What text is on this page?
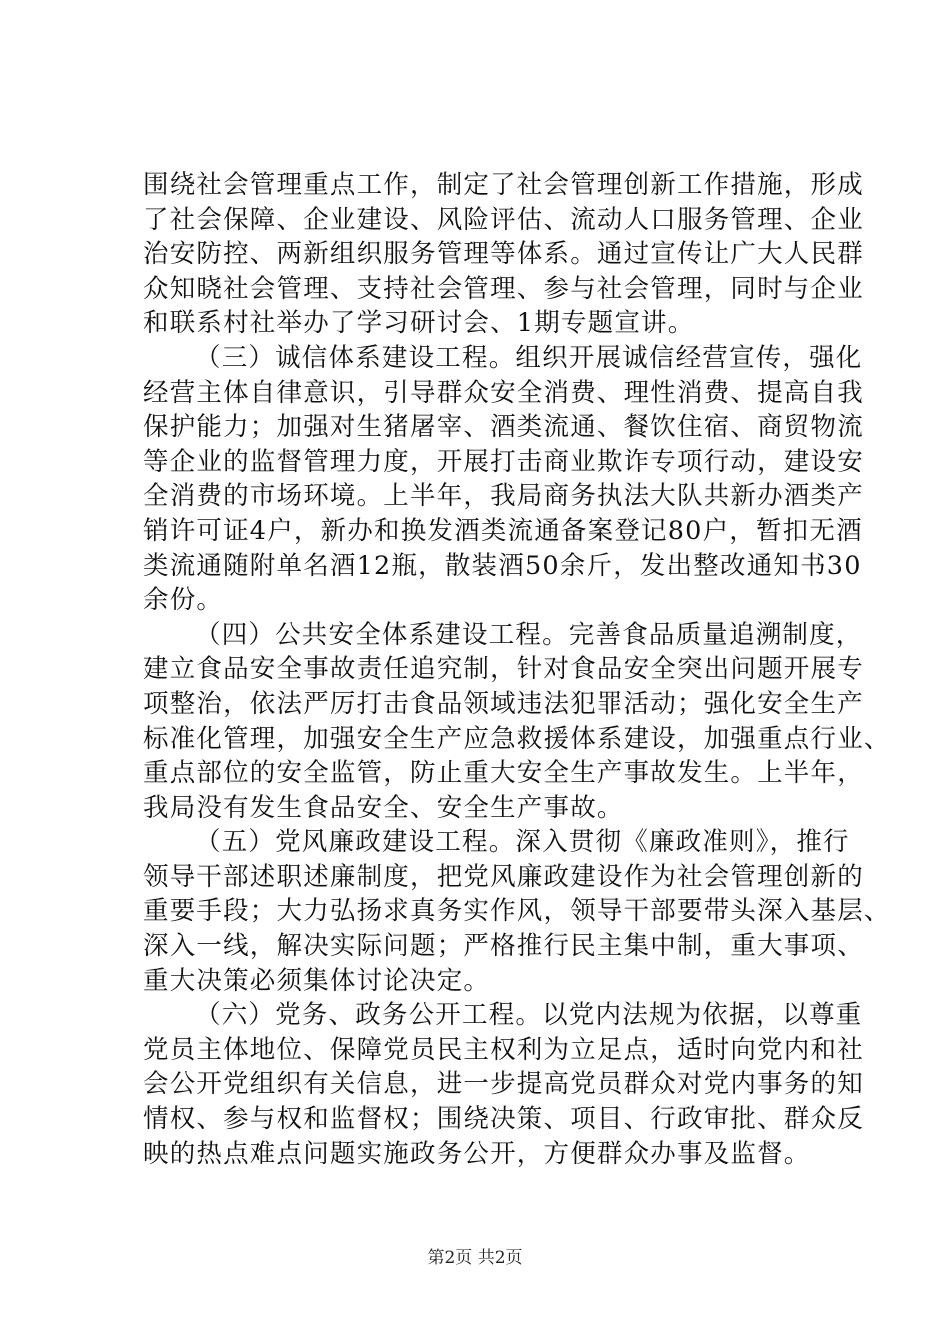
围绕社会管理重点工作，制定了社会管理创新工作措施，形成
了社会保障、企业建设、风险评估、流动人口服务管理、企业
治安防控、两新组织服务管理等体系。通过宣传让广大人民群
众知晓社会管理、支持社会管理、参与社会管理，同时与企业
和联系村社举办了学习研讨会、1期专题宣讲。
（三）诚信体系建设工程。组织开展诚信经营宣传，强化
经营主体自律意识，引导群众安全消费、理性消费、提高自我
保护能力；加强对生猪屠宰、酒类流通、餐饮住宿、商贸物流
等企业的监督管理力度，开展打击商业欺诈专项行动，建设安
全消费的市场环境。上半年，我局商务执法大队共新办酒类产
销许可证4户，新办和换发酒类流通备案登记80户，暂扣无酒
类流通随附单名酒12瓶，散装酒50余斤，发出整改通知书30
余份。
（四）公共安全体系建设工程。完善食品质量追溯制度，
建立食品安全事故责任追究制，针对食品安全突出问题开展专
项整治，依法严厉打击食品领域违法犯罪活动；强化安全生产
标准化管理，加强安全生产应急救援体系建设，加强重点行业、
重点部位的安全监管，防止重大安全生产事故发生。上半年，
我局没有发生食品安全、安全生产事故。
（五）党风廉政建设工程。深入贯彻《廉政准则》，推行
领导干部述职述廉制度，把党风廉政建设作为社会管理创新的
重要手段；大力弘扬求真务实作风，领导干部要带头深入基层、
深入一线，解决实际问题；严格推行民主集中制，重大事项、
重大决策必须集体讨论决定。
（六）党务、政务公开工程。以党内法规为依据，以尊重
党员主体地位、保障党员民主权利为立足点，适时向党内和社
会公开党组织有关信息，进一步提高党员群众对党内事务的知
情权、参与权和监督权；围绕决策、项目、行政审批、群众反
映的热点难点问题实施政务公开，方便群众办事及监督。
第2页 共2页
